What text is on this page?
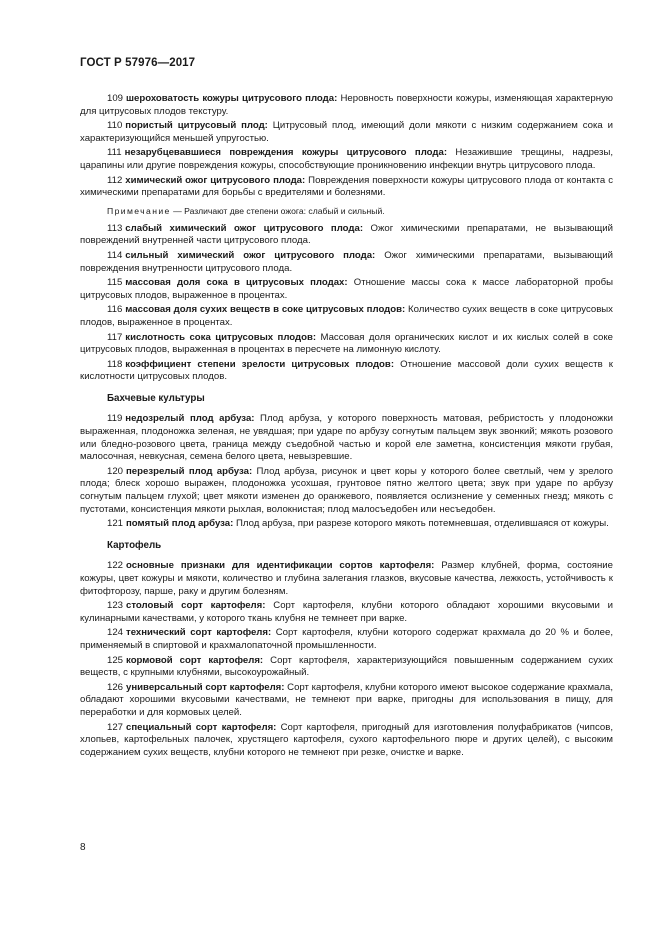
ГОСТ Р 57976—2017

109 шероховатость кожуры цитрусового плода: Неровность поверхности кожуры, изменяющая характерную для цитрусовых плодов текстуру.

110 пористый цитрусовый плод: Цитрусовый плод, имеющий доли мякоти с низким содержанием сока и характеризующийся меньшей упругостью.

111 незарубцевавшиеся повреждения кожуры цитрусового плода: Незажившие трещины, надрезы, царапины или другие повреждения кожуры, способствующие проникновению инфекции внутрь цитрусового плода.

112 химический ожог цитрусового плода: Повреждения поверхности кожуры цитрусового плода от контакта с химическими препаратами для борьбы с вредителями и болезнями.

Примечание — Различают две степени ожога: слабый и сильный.

113 слабый химический ожог цитрусового плода: Ожог химическими препаратами, не вызывающий повреждений внутренней части цитрусового плода.

114 сильный химический ожог цитрусового плода: Ожог химическими препаратами, вызывающий повреждения внутренности цитрусового плода.

115 массовая доля сока в цитрусовых плодах: Отношение массы сока к массе лабораторной пробы цитрусовых плодов, выраженное в процентах.

116 массовая доля сухих веществ в соке цитрусовых плодов: Количество сухих веществ в соке цитрусовых плодов, выраженное в процентах.

117 кислотность сока цитрусовых плодов: Массовая доля органических кислот и их кислых солей в соке цитрусовых плодов, выраженная в процентах в пересчете на лимонную кислоту.

118 коэффициент степени зрелости цитрусовых плодов: Отношение массовой доли сухих веществ к кислотности цитрусовых плодов.

Бахчевые культуры

119 недозрелый плод арбуза: Плод арбуза, у которого поверхность матовая, ребристость у плодоножки выраженная, плодоножка зеленая, не увядшая; при ударе по арбузу согнутым пальцем звук звонкий; мякоть розового или бледно-розового цвета, граница между съедобной частью и корой еле заметна, консистенция мякоти грубая, малосочная, невкусная, семена белого цвета, невызревшие.

120 перезрелый плод арбуза: Плод арбуза, рисунок и цвет коры у которого более светлый, чем у зрелого плода; блеск хорошо выражен, плодоножка усохшая, грунтовое пятно желтого цвета; звук при ударе по арбузу согнутым пальцем глухой; цвет мякоти изменен до оранжевого, появляется ослизнение у семенных гнезд; мякоть с пустотами, консистенция мякоти рыхлая, волокнистая; плод малосъедобен или несъедобен.

121 помятый плод арбуза: Плод арбуза, при разрезе которого мякоть потемневшая, отделившаяся от кожуры.

Картофель

122 основные признаки для идентификации сортов картофеля: Размер клубней, форма, состояние кожуры, цвет кожуры и мякоти, количество и глубина залегания глазков, вкусовые качества, лежкость, устойчивость к фитофторозу, парше, раку и другим болезням.

123 столовый сорт картофеля: Сорт картофеля, клубни которого обладают хорошими вкусовыми и кулинарными качествами, у которого ткань клубня не темнеет при варке.

124 технический сорт картофеля: Сорт картофеля, клубни которого содержат крахмала до 20 % и более, применяемый в спиртовой и крахмалопаточной промышленности.

125 кормовой сорт картофеля: Сорт картофеля, характеризующийся повышенным содержанием сухих веществ, с крупными клубнями, высокоурожайный.

126 универсальный сорт картофеля: Сорт картофеля, клубни которого имеют высокое содержание крахмала, обладают хорошими вкусовыми качествами, не темнеют при варке, пригодны для использования в пищу, для переработки и для кормовых целей.

127 специальный сорт картофеля: Сорт картофеля, пригодный для изготовления полуфабрикатов (чипсов, хлопьев, картофельных палочек, хрустящего картофеля, сухого картофельного пюре и других целей), с высоким содержанием сухих веществ, клубни которого не темнеют при резке, очистке и варке.

8
